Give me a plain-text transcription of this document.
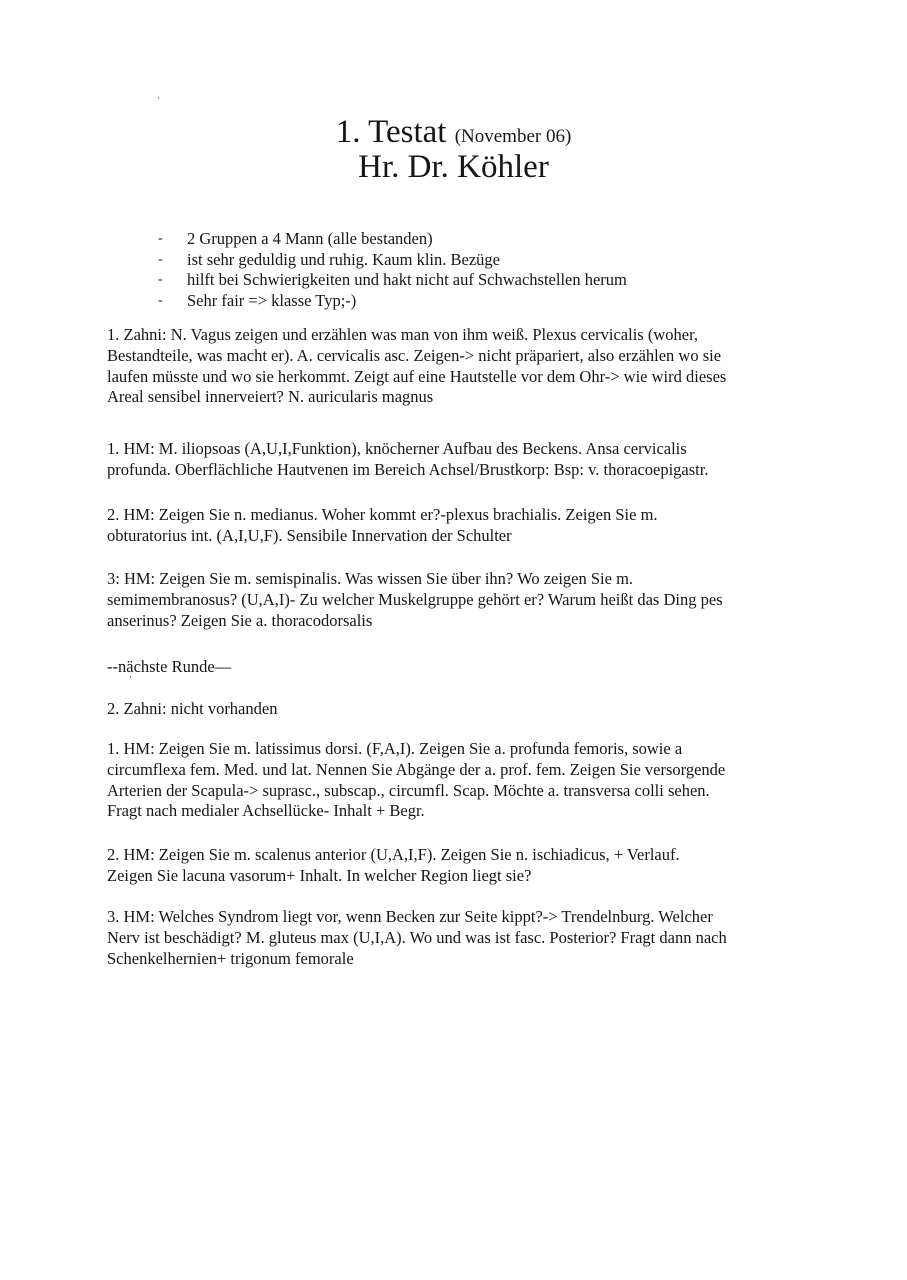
1. Testat (November 06)
Hr. Dr. Köhler
- 2 Gruppen a 4 Mann (alle bestanden)
- ist sehr geduldig und ruhig. Kaum klin. Bezüge
- hilft bei Schwierigkeiten und hakt nicht auf Schwachstellen herum
- Sehr fair => klasse Typ;-)

1. Zahni: N. Vagus zeigen und erzählen was man von ihm weiß. Plexus cervicalis (woher,
Bestandteile, was macht er). A. cervicalis asc. Zeigen-> nicht präpariert, also erzählen wo sie
laufen müsste und wo sie herkommt. Zeigt auf eine Hautstelle vor dem Ohr-> wie wird dieses
Areal sensibel innerveiert? N. auricularis magnus

1. HM: M. iliopsoas (A,U,I,Funktion), knöcherner Aufbau des Beckens. Ansa cervicalis
profunda. Oberflächliche Hautvenen im Bereich Achsel/Brustkorp: Bsp: v. thoracoepigastr.

2. HM: Zeigen Sie n. medianus. Woher kommt er?-plexus brachialis. Zeigen Sie m.
obturatorius int. (A,I,U,F). Sensibile Innervation der Schulter

3: HM: Zeigen Sie m. semispinalis. Was wissen Sie über ihn? Wo zeigen Sie m.
semimembranosus? (U,A,I)- Zu welcher Muskelgruppe gehört er? Warum heißt das Ding pes
anserinus? Zeigen Sie a. thoracodorsalis

--nächste Runde—

2. Zahni: nicht vorhanden

1. HM: Zeigen Sie m. latissimus dorsi. (F,A,I). Zeigen Sie a. profunda femoris, sowie a
circumflexa fem. Med. und lat. Nennen Sie Abgänge der a. prof. fem. Zeigen Sie versorgende
Arterien der Scapula-> suprasc., subscap., circumfl. Scap. Möchte a. transversa colli sehen.
Fragt nach medialer Achsellücke- Inhalt + Begr.

2. HM: Zeigen Sie m. scalenus anterior (U,A,I,F). Zeigen Sie n. ischiadicus, + Verlauf.
Zeigen Sie lacuna vasorum+ Inhalt. In welcher Region liegt sie?

3. HM: Welches Syndrom liegt vor, wenn Becken zur Seite kippt?-> Trendelnburg. Welcher
Nerv ist beschädigt? M. gluteus max (U,I,A). Wo und was ist fasc. Posterior? Fragt dann nach
Schenkelhernien+ trigonum femorale
